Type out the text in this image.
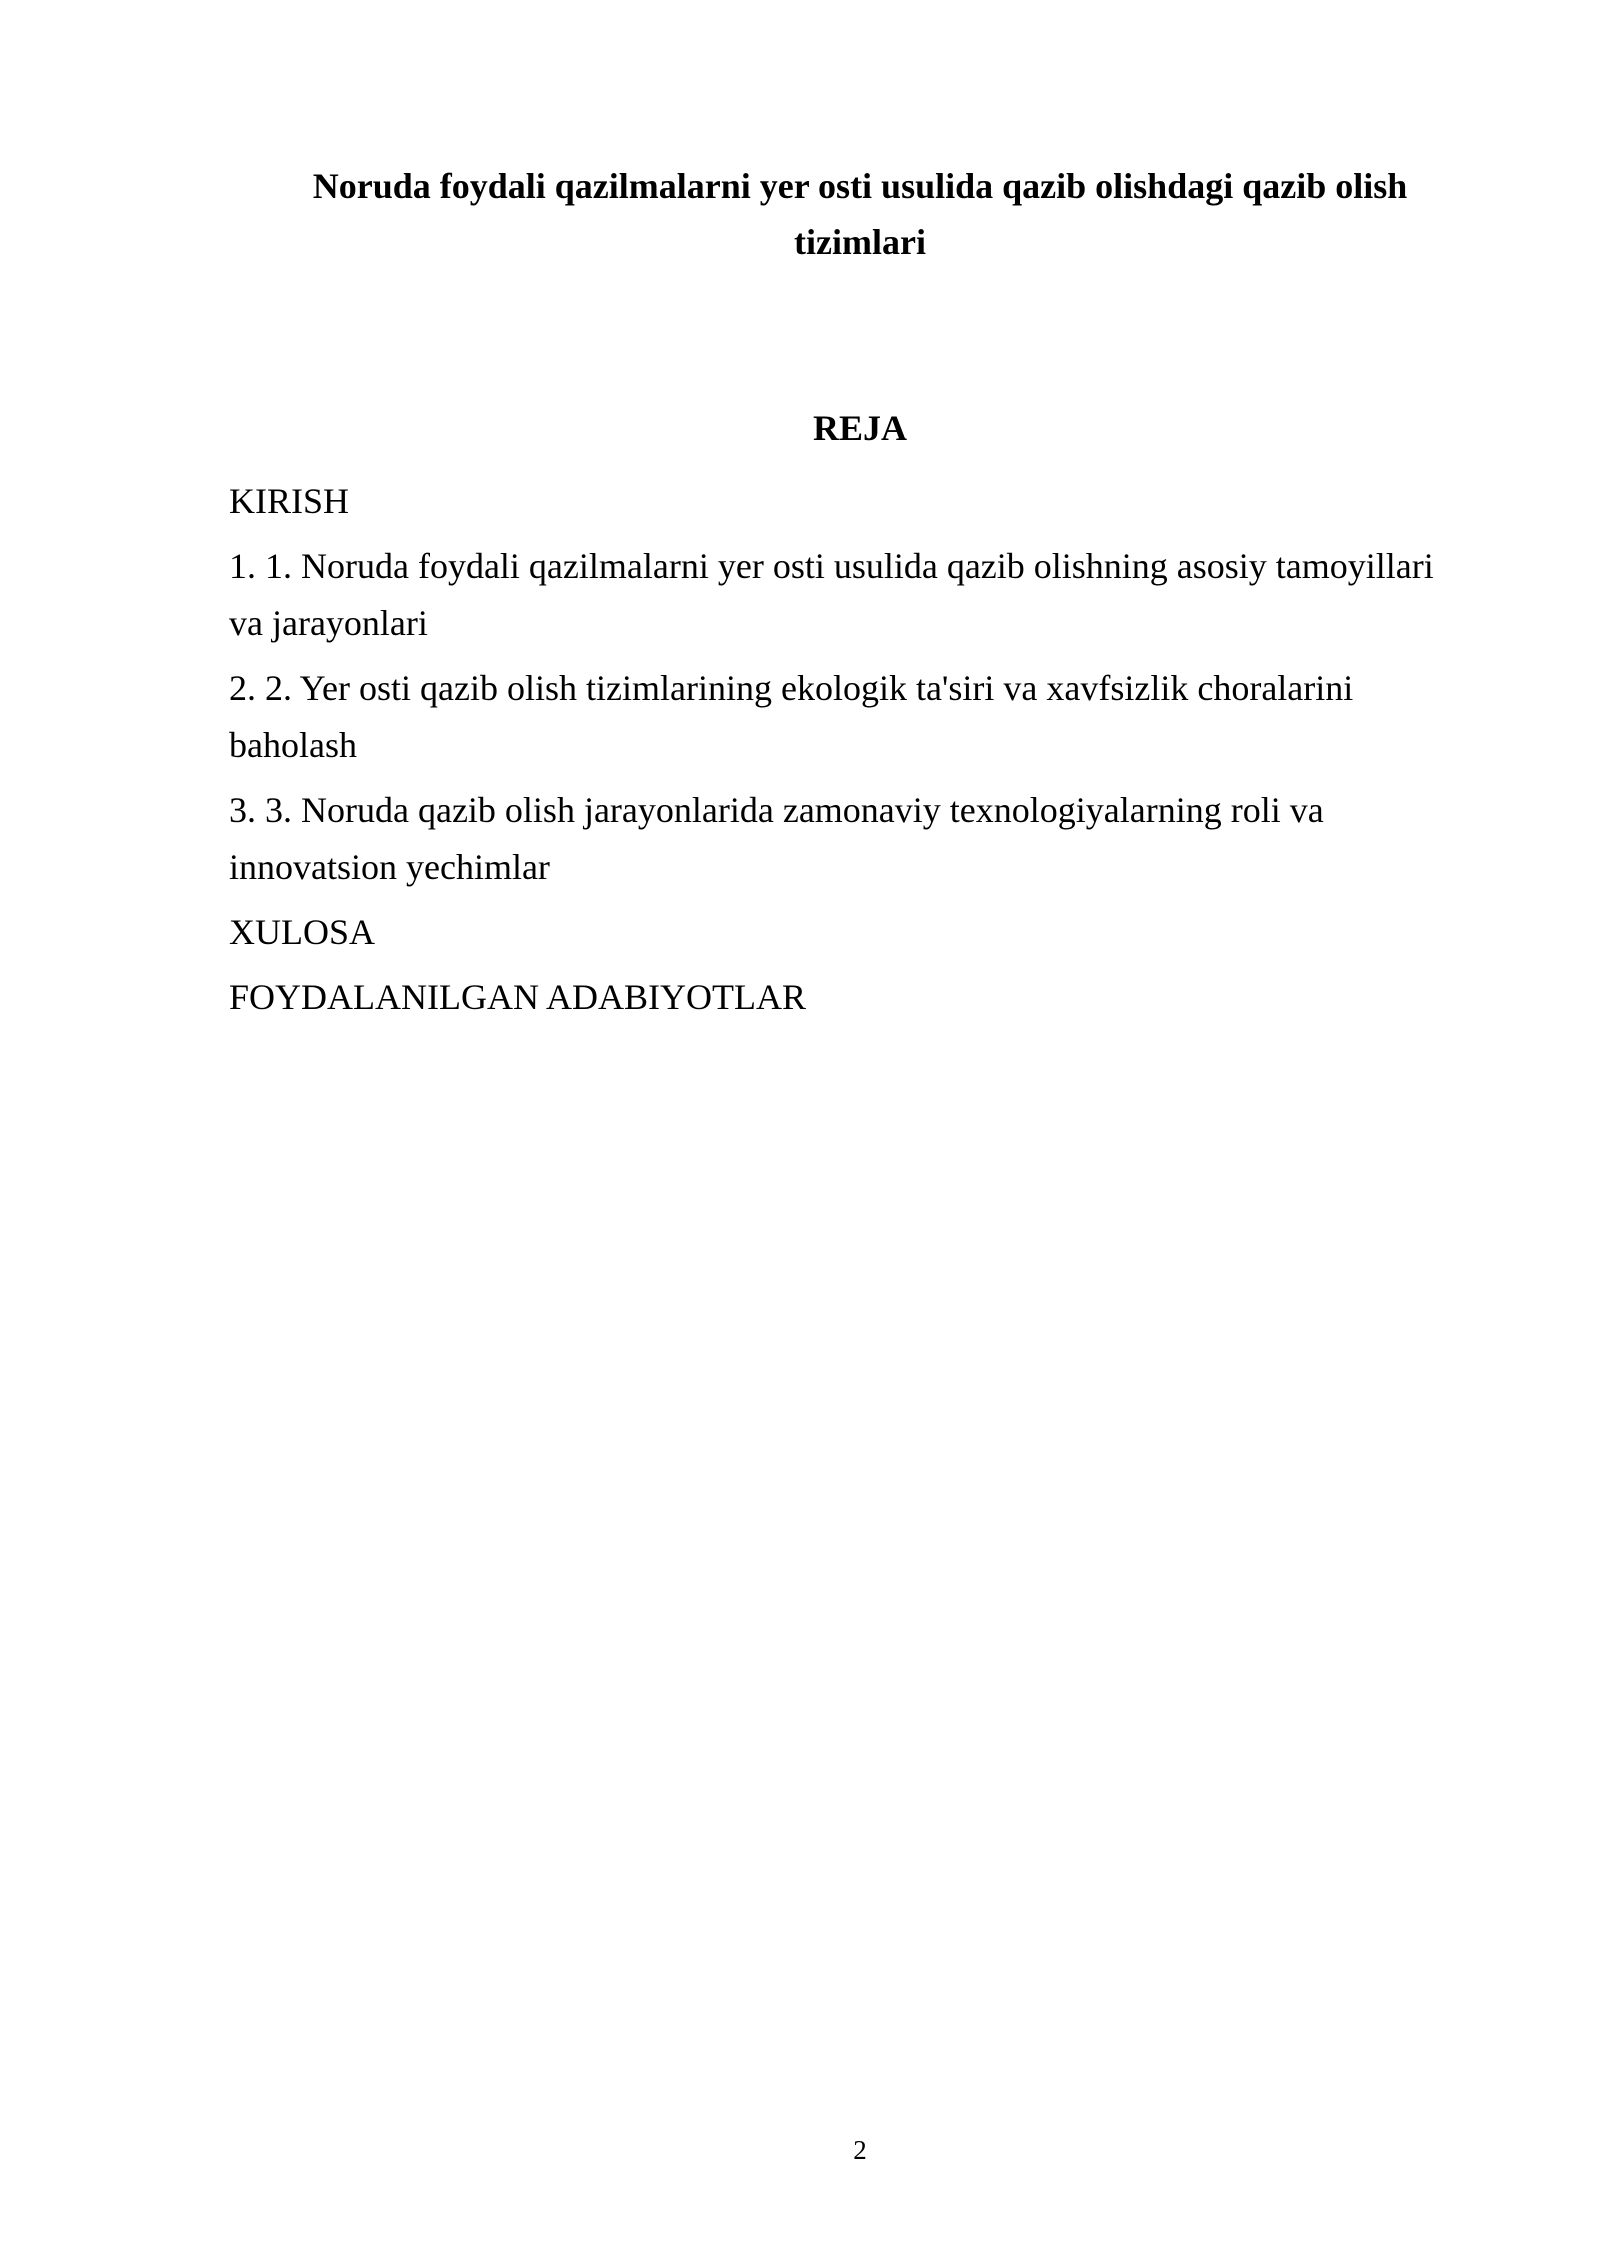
Noruda foydali qazilmalarni yer osti usulida qazib olishdagi qazib olish tizimlari
REJA
KIRISH
1. 1. Noruda foydali qazilmalarni yer osti usulida qazib olishning asosiy tamoyillari va jarayonlari
2. 2. Yer osti qazib olish tizimlarining ekologik ta'siri va xavfsizlik choralarini baholash
3. 3. Noruda qazib olish jarayonlarida zamonaviy texnologiyalarning roli va innovatsion yechimlar
XULOSA
FOYDALANILGAN ADABIYOTLAR

2
